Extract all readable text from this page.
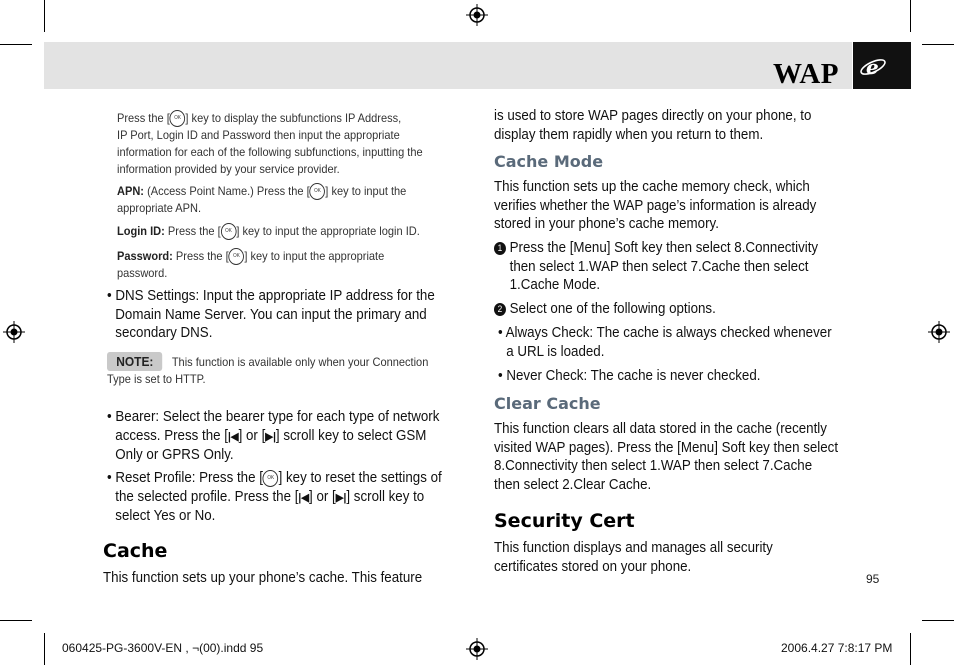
WAP e
Press the [ OK ] key to display the subfunctions IP Address,
IP Port, Login ID and Password then input the appropriate
information for each of the following subfunctions, inputting the
information provided by your service provider.
APN: (Access Point Name.) Press the [ OK ] key to input the
appropriate APN.
Login ID: Press the [ OK ] key to input the appropriate login ID.
Password: Press the [ OK ] key to input the appropriate
password.
• DNS Settings: Input the appropriate IP address for the
Domain Name Server. You can input the primary and
secondary DNS.
NOTE: This function is available only when your Connection
Type is set to HTTP.
• Bearer: Select the bearer type for each type of network
access. Press the [|◀] or [▶|] scroll key to select GSM
Only or GPRS Only.
• Reset Profile: Press the [ OK ] key to reset the settings of
the selected profile. Press the [|◀] or [▶|] scroll key to
select Yes or No.
Cache
This function sets up your phone’s cache. This feature
is used to store WAP pages directly on your phone, to
display them rapidly when you return to them.
Cache Mode
This function sets up the cache memory check, which
verifies whether the WAP page’s information is already
stored in your phone’s cache memory.
1 Press the [Menu] Soft key then select 8.Connectivity
then select 1.WAP then select 7.Cache then select
1.Cache Mode.
2 Select one of the following options.
• Always Check: The cache is always checked whenever
a URL is loaded.
• Never Check: The cache is never checked.
Clear Cache
This function clears all data stored in the cache (recently
visited WAP pages). Press the [Menu] Soft key then select
8.Connectivity then select 1.WAP then select 7.Cache
then select 2.Clear Cache.
Security Cert
This function displays and manages all security
certificates stored on your phone.
95
060425-PG-3600V-EN , ¬(00).indd 95	2006.4.27 7:8:17 PM
